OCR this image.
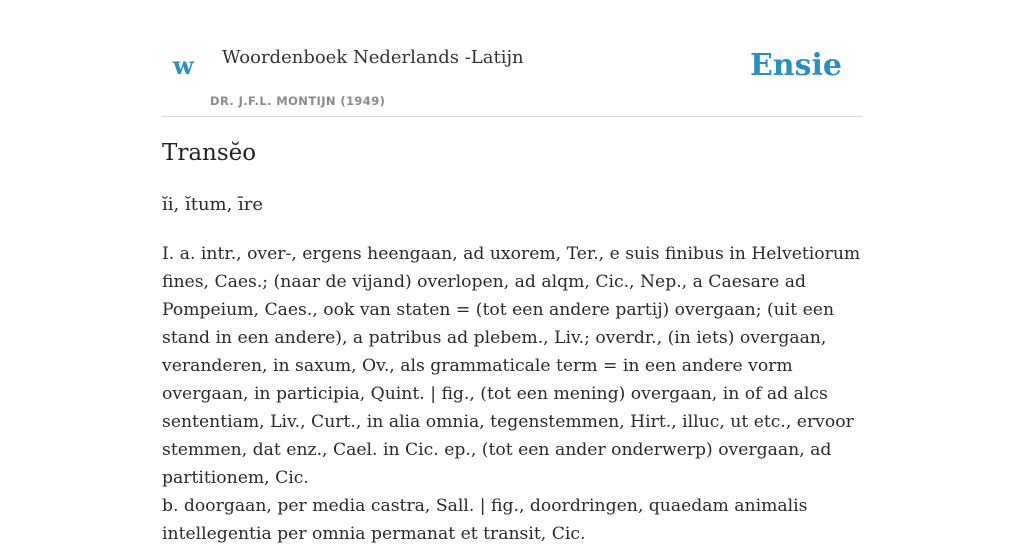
w Woordenboek Nederlands -Latijn
DR. J.F.L. MONTIJN (1949)
Ensie
Transĕo
ĭi, ĭtum, īre

I. a. intr., over-, ergens heengaan, ad uxorem, Ter., e suis finibus in Helvetiorum fines, Caes.; (naar de vijand) overlopen, ad alqm, Cic., Nep., a Caesare ad Pompeium, Caes., ook van staten = (tot een andere partij) overgaan; (uit een stand in een andere), a patribus ad plebem., Liv.; overdr., (in iets) overgaan, veranderen, in saxum, Ov., als grammaticale term = in een andere vorm overgaan, in participia, Quint. | fig., (tot een mening) overgaan, in of ad alcs sententiam, Liv., Curt., in alia omnia, tegenstemmen, Hirt., illuc, ut etc., ervoor stemmen, dat enz., Cael. in Cic. ep., (tot een ander onderwerp) overgaan, ad partitionem, Cic.

b. doorgaan, per media castra, Sall. | fig., doordringen, quaedam animalis intellegentia per omnia permanat et transit, Cic.
